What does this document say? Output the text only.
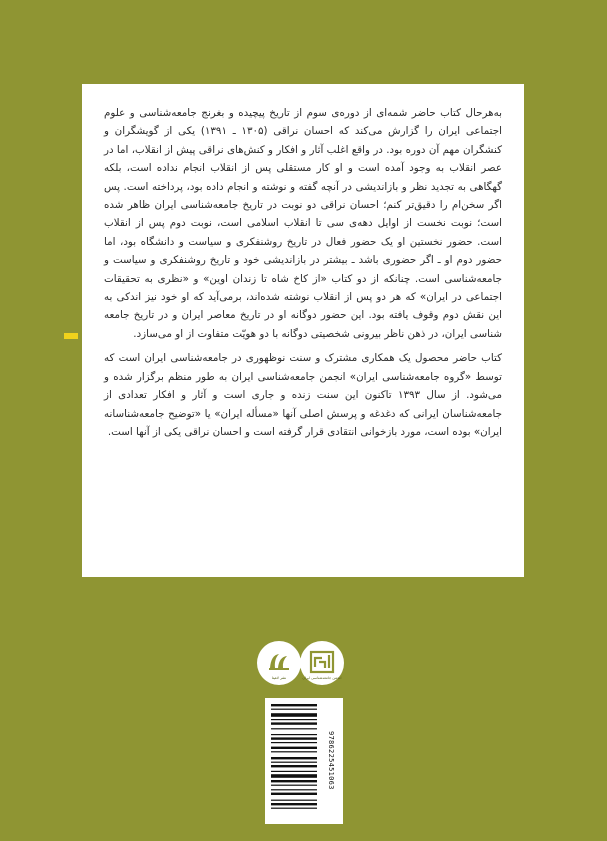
به‌هرحال کتاب حاضر شمه‌ای از دوره‌ی سوم از تاریخ پیچیده و بغرنج جامعه‌شناسی و علوم اجتماعی ایران را گزارش می‌کند که احسان نراقی (۱۳۰۵ ـ ۱۳۹۱) یکی از گویشگران و کنشگران مهم آن دوره بود. در واقع اغلب آثار و افکار و کنش‌های نراقی پیش از انقلاب، اما در عصر انقلاب به وجود آمده است و او کار مستقلی پس از انقلاب انجام نداده است، بلکه گهگاهی به تجدید نظر و بازاندیشی در آنچه گفته و نوشته و انجام داده بود، پرداخته است. پس اگر سخن‌ام را دقیق‌تر کنم؛ احسان نراقی دو نوبت در تاریخ جامعه‌شناسی ایران ظاهر شده است؛ نوبت نخست از اوایل دهه‌ی سی تا انقلاب اسلامی است، نوبت دوم پس از انقلاب است. حضور نخستین او یک حضور فعال در تاریخ روشنفکری و سیاست و دانشگاه بود، اما حضور دوم او ـ اگر حضوری باشد ـ بیشتر در بازاندیشی خود و تاریخ روشنفکری و سیاست و جامعه‌شناسی است. چنانکه از دو کتاب «از کاخ شاه تا زندان اوین» و «نظری به تحقیقات اجتماعی در ایران» که هر دو پس از انقلاب نوشته شده‌اند، برمی‌آید که او خود نیز اندکی به این نقش دوم وقوف یافته بود. این حضور دوگانه او در تاریخ معاصر ایران و در تاریخ جامعه شناسی ایران، در ذهن ناظر بیرونی شخصیتی دوگانه با دو هویّت متفاوت از او می‌سازد.

کتاب حاضر محصول یک همکاری مشترک و سنت نوظهوری در جامعه‌شناسی ایران است که توسط «گروه جامعه‌شناسی ایران» انجمن جامعه‌شناسی ایران به طور منظم برگزار شده و می‌شود. از سال ۱۳۹۳ تاکنون این سنت زنده و جاری است و آثار و افکار تعدادی از جامعه‌شناسان ایرانی که دغدغه و پرسش اصلی آنها «مسأله ایران» یا «توضیح جامعه‌شناسانه ایران» بوده است، مورد بازخوانی انتقادی قرار گرفته است و احسان نراقی یکی از آنها است.

نشر لاهیتا	انجمن جامعه‌شناسی ایران
9786225451063
